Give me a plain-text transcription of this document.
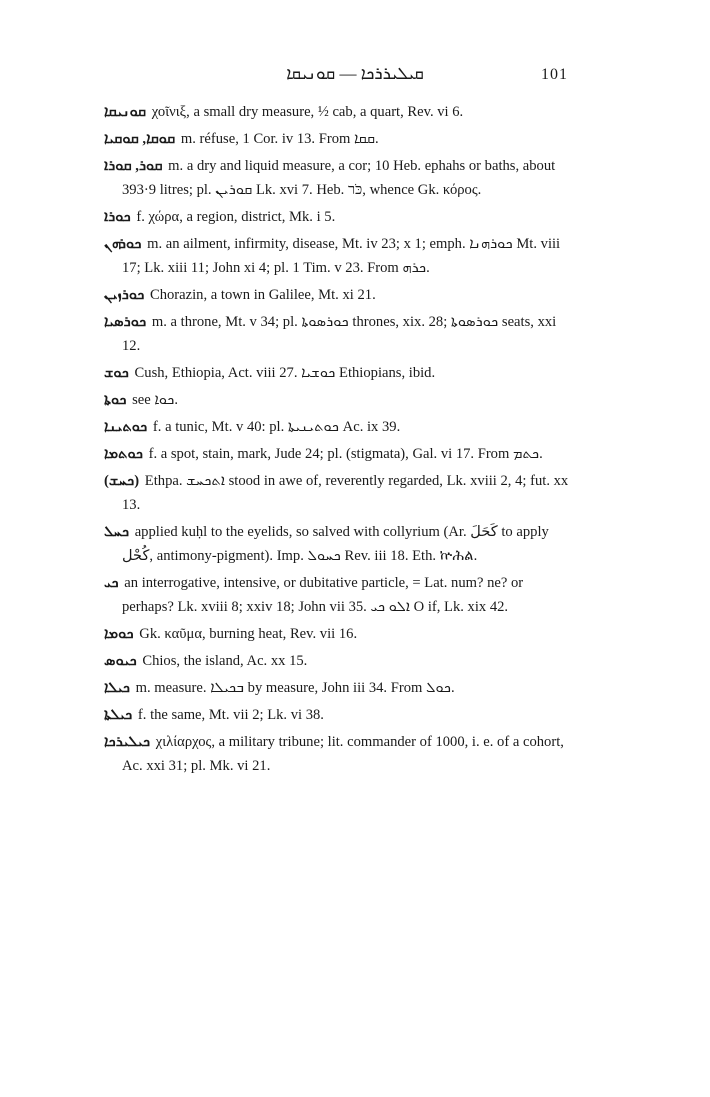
ܩܝܠܝܪܪܟܐ — ܩܘܢܝܩܐ	101

ܩܘܢܝܩܐ χοῖνιξ, a small dry measure, ½ cab, a quart, Rev. vi 6.

ܩܘܩܐ, ܩܘܩܝܐ m. réfuse, 1 Cor. iv 13. From ܩܩܐ.

ܩܘܪ, ܩܘܪܐ m. a dry and liquid measure, a cor; 10 Heb. ephahs or baths, about 393·9 litres; pl. ܩܘܪܝܢ Lk. xvi 7. Heb. כֹּר, whence Gk. κόρος.

ܟܘܪܐ f. χώρα, a region, district, Mk. i 5.

ܟܘܪܗܢ m. an ailment, infirmity, disease, Mt. iv 23; x 1; emph. ܟܘܪܗܢܐ Mt. viii 17; Lk. xiii 11; John xi 4; pl. 1 Tim. v 23. From ܟܪܗ.

ܟܘܪܙܝܢ Chorazin, a town in Galilee, Mt. xi 21.

ܟܘܪܣܝܐ m. a throne, Mt. v 34; pl. ܟܘܪܣܘܬܐ thrones, xix. 28; ܟܘܪܣܘܬܐ seats, xxi 12.

ܟܘܫ Cush, Ethiopia, Act. viii 27. ܟܘܫܝܐ Ethiopians, ibid.

ܟܘܬܐ see ܟܘܐ.

ܟܘܬܝܢܐ f. a tunic, Mt. v 40: pl. ܟܘܬܝܢܝܬܐ Ac. ix 39.

ܟܘܬܡܐ f. a spot, stain, mark, Jude 24; pl. (stigmata), Gal. vi 17. From ܟܬܡ.

(ܟܚܫ) Ethpa. ܐܬܟܚܫ stood in awe of, reverently regarded, Lk. xviii 2, 4; fut. xx 13.

ܟܚܠ applied kuḥl to the eyelids, so salved with collyrium (Ar. كَحَلَ to apply كُحْل, antimony-pigment). Imp. ܟܚܘܠ Rev. iii 18. Eth. ኵሕል.

ܟܝ an interrogative, intensive, or dubitative particle, = Lat. num? ne? or perhaps? Lk. xviii 8; xxiv 18; John vii 35. ܐܠܘ ܟܝ O if, Lk. xix 42.

ܟܘܡܐ Gk. καῦμα, burning heat, Rev. vii 16.

ܟܝܘܣ Chios, the island, Ac. xx 15.

ܟܝܠܐ m. measure. ܒܟܝܠܐ by measure, John iii 34. From ܟܘܠ.

ܟܝܠܬܐ f. the same, Mt. vii 2; Lk. vi 38.

ܟܝܠܝܪܟܐ χιλίαρχος, a military tribune; lit. commander of 1000, i. e. of a cohort, Ac. xxi 31; pl. Mk. vi 21.
